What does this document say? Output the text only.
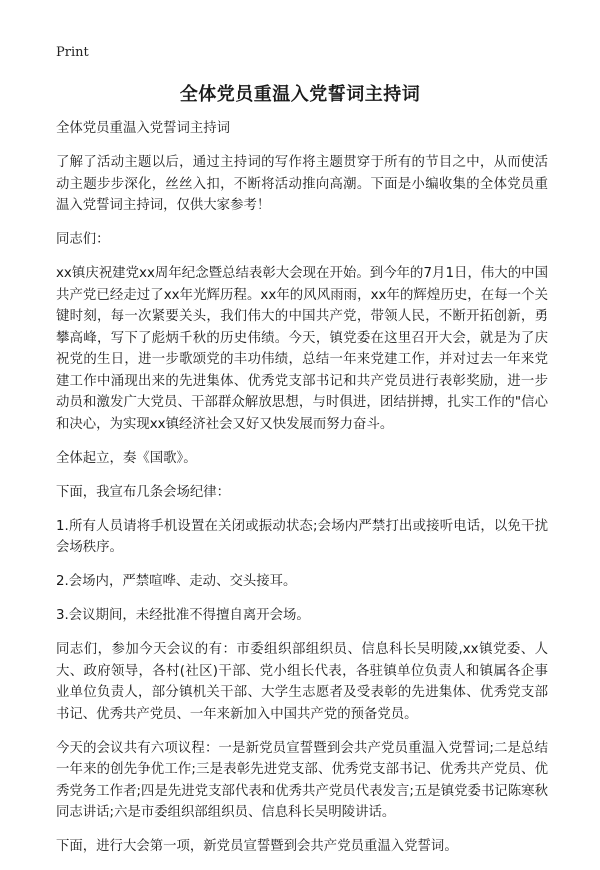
Print
全体党员重温入党誓词主持词

全体党员重温入党誓词主持词

了解了活动主题以后，通过主持词的写作将主题贯穿于所有的节目之中，从而使活动主题步步深化，丝丝入扣，不断将活动推向高潮。下面是小编收集的全体党员重温入党誓词主持词，仅供大家参考！

同志们：

xx镇庆祝建党xx周年纪念暨总结表彰大会现在开始。到今年的7月1日，伟大的中国共产党已经走过了xx年光辉历程。xx年的风风雨雨，xx年的辉煌历史，在每一个关键时刻，每一次紧要关头，我们伟大的中国共产党，带领人民，不断开拓创新，勇攀高峰，写下了彪炳千秋的历史伟绩。今天，镇党委在这里召开大会，就是为了庆祝党的生日，进一步歌颂党的丰功伟绩，总结一年来党建工作，并对过去一年来党建工作中涌现出来的先进集体、优秀党支部书记和共产党员进行表彰奖励，进一步动员和激发广大党员、干部群众解放思想，与时俱进，团结拼搏，扎实工作的"信心和决心，为实现xx镇经济社会又好又快发展而努力奋斗。

全体起立，奏《国歌》。

下面，我宣布几条会场纪律：

1.所有人员请将手机设置在关闭或振动状态;会场内严禁打出或接听电话，以免干扰会场秩序。

2.会场内，严禁喧哗、走动、交头接耳。

3.会议期间，未经批准不得擅自离开会场。

同志们，参加今天会议的有：市委组织部组织员、信息科长吴明陵,xx镇党委、人大、政府领导，各村(社区)干部、党小组长代表，各驻镇单位负责人和镇属各企事业单位负责人，部分镇机关干部、大学生志愿者及受表彰的先进集体、优秀党支部书记、优秀共产党员、一年来新加入中国共产党的预备党员。

今天的会议共有六项议程：一是新党员宣誓暨到会共产党员重温入党誓词;二是总结一年来的创先争优工作;三是表彰先进党支部、优秀党支部书记、优秀共产党员、优秀党务工作者;四是先进党支部代表和优秀共产党员代表发言;五是镇党委书记陈寒秋同志讲话;六是市委组织部组织员、信息科长吴明陵讲话。

下面，进行大会第一项，新党员宣誓暨到会共产党员重温入党誓词。
